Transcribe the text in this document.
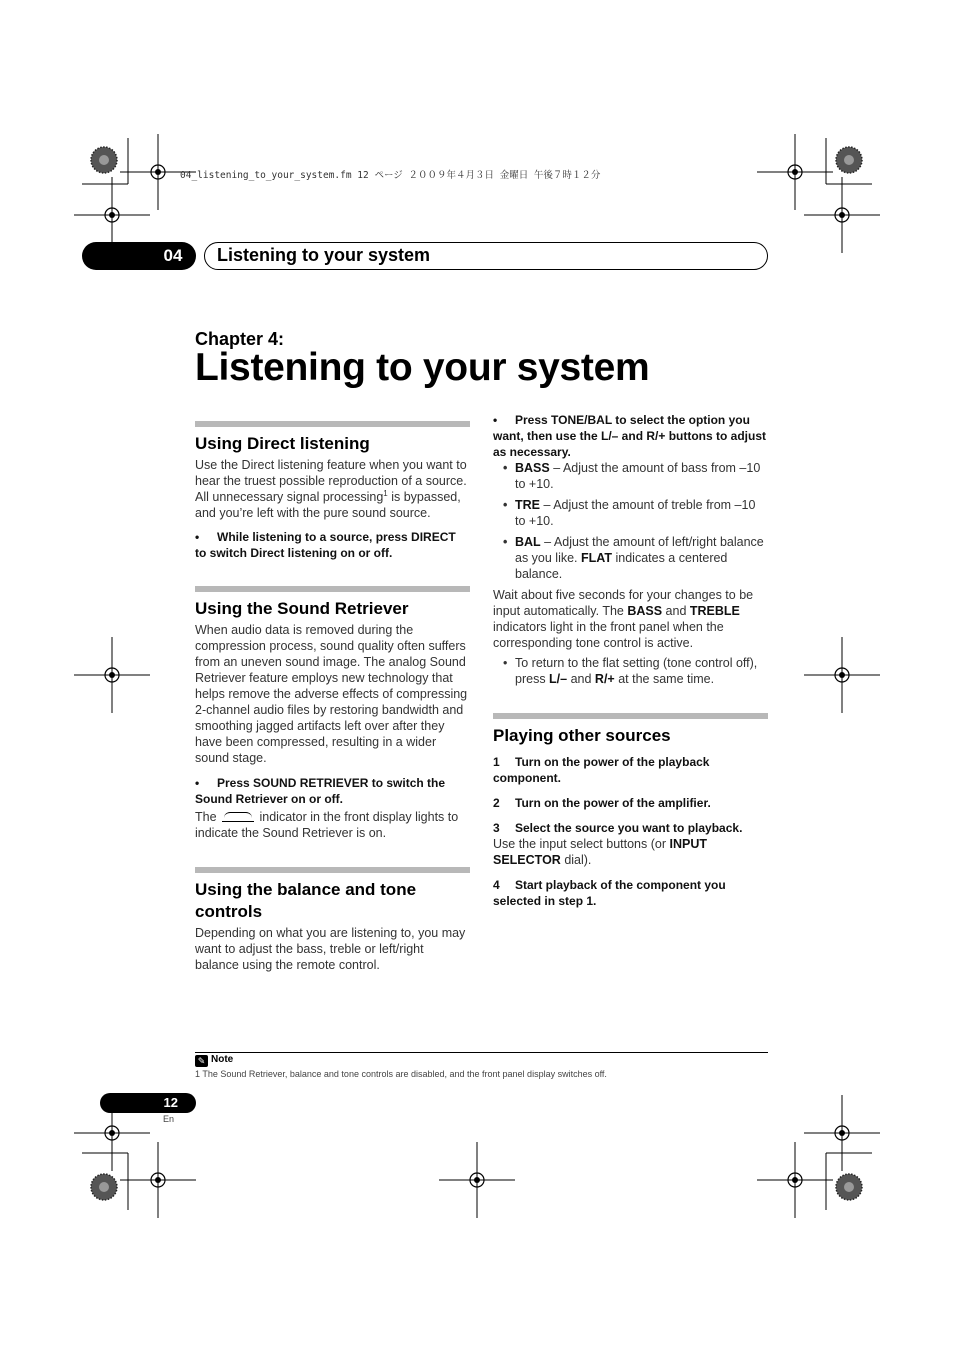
04_listening_to_your_system.fm 12 ページ ２００９年４月３日 金曜日 午後７時１２分
04	Listening to your system
Chapter 4:
Listening to your system
Using Direct listening

Use the Direct listening feature when you want to hear the truest possible reproduction of a source. All unnecessary signal processing$^1$ is bypassed, and you’re left with the pure sound source.

• While listening to a source, press DIRECT to switch Direct listening on or off.

Using the Sound Retriever

When audio data is removed during the compression process, sound quality often suffers from an uneven sound image. The analog Sound Retriever feature employs new technology that helps remove the adverse effects of compressing 2-channel audio files by restoring bandwidth and smoothing jagged artifacts left over after they have been compressed, resulting in a wider sound stage.

• Press SOUND RETRIEVER to switch the Sound Retriever on or off.

The	indicator in the front display lights to indicate the Sound Retriever is on.

Using the balance and tone controls

Depending on what you are listening to, you may want to adjust the bass, treble or left/right balance using the remote control.

• Press TONE/BAL to select the option you want, then use the L/– and R/+ buttons to adjust as necessary.

• BASS – Adjust the amount of bass from –10 to +10.

• TRE – Adjust the amount of treble from –10 to +10.

• BAL – Adjust the amount of left/right balance as you like. FLAT indicates a centered balance.

Wait about five seconds for your changes to be input automatically. The BASS and TREBLE indicators light in the front panel when the corresponding tone control is active.

• To return to the flat setting (tone control off), press L/– and R/+ at the same time.

Playing other sources

1 Turn on the power of the playback component.

2 Turn on the power of the amplifier.

3 Select the source you want to playback.

Use the input select buttons (or INPUT SELECTOR dial).

4 Start playback of the component you selected in step 1.

✎ Note
1 The Sound Retriever, balance and tone controls are disabled, and the front panel display switches off.
12
En
